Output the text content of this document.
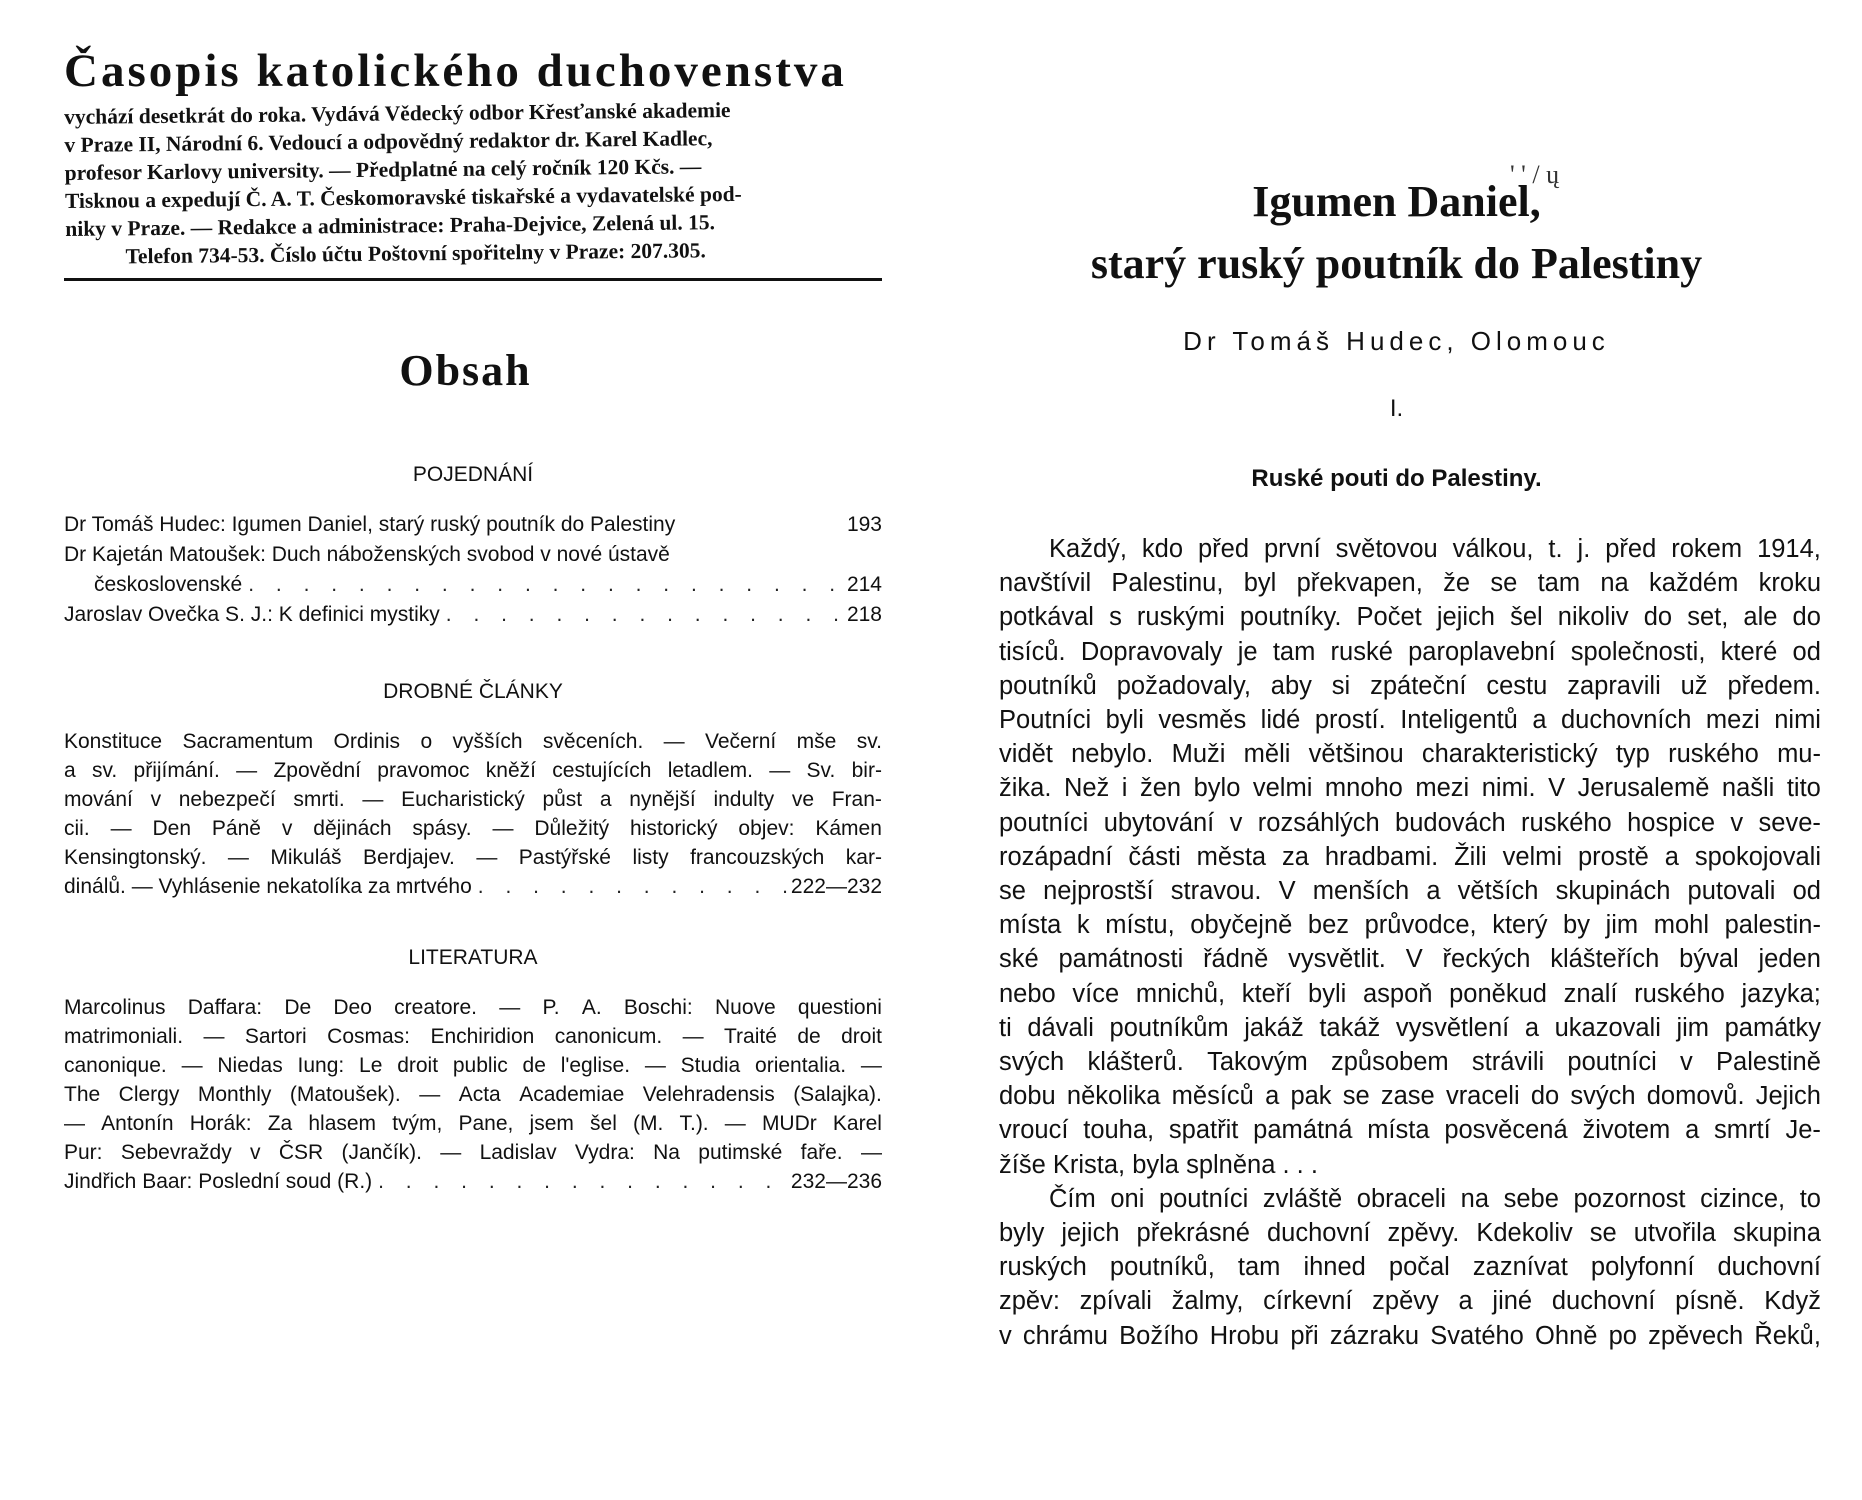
Časopis katolického duchovenstva
vychází desetkrát do roka. Vydává Vědecký odbor Křesťanské akademie
v Praze II, Národní 6. Vedoucí a odpovědný redaktor dr. Karel Kadlec,
profesor Karlovy university. — Předplatné na celý ročník 120 Kčs. —
Tisknou a expedují Č. A. T. Českomoravské tiskařské a vydavatelské pod-
niky v Praze. — Redakce a administrace: Praha-Dejvice, Zelená ul. 15.
Telefon 734-53. Číslo účtu Poštovní spořitelny v Praze: 207.305.
Obsah
POJEDNÁNÍ
Dr Tomáš Hudec: Igumen Daniel, starý ruský poutník do Palestiny	193
Dr Kajetán Matoušek: Duch náboženských svobod v nové ústavě
československé . . .	214
Jaroslav Ovečka S. J.: K definici mystiky . . .	218
DROBNÉ ČLÁNKY
Konstituce Sacramentum Ordinis o vyšších svěceních. — Večerní mše sv.
a sv. přijímání. — Zpovědní pravomoc kněží cestujících letadlem. — Sv. bir-
mování v nebezpečí smrti. — Eucharistický půst a nynější indulty ve Fran-
cii. — Den Páně v dějinách spásy. — Důležitý historický objev: Kámen
Kensingtonský. — Mikuláš Berdjajev. — Pastýřské listy francouzských kar-
dinálů. — Vyhlásenie nekatolíka za mrtvého . . .	222—232
LITERATURA
Marcolinus Daffara: De Deo creatore. — P. A. Boschi: Nuove questioni
matrimoniali. — Sartori Cosmas: Enchiridion canonicum. — Traité de droit
canonique. — Niedas Iung: Le droit public de l'eglise. — Studia orientalia. —
The Clergy Monthly (Matoušek). — Acta Academiae Velehradensis (Salajka).
— Antonín Horák: Za hlasem tvým, Pane, jsem šel (M. T.). — MUDr Karel
Pur: Sebevraždy v ČSR (Jančík). — Ladislav Vydra: Na putimské faře. —
Jindřich Baar: Poslední soud (R.) . . .	232—236
Igumen Daniel,
starý ruský poutník do Palestiny
Dr Tomáš Hudec, Olomouc
I.
Ruské pouti do Palestiny.
Každý, kdo před první světovou válkou, t. j. před rokem 1914,
navštívil Palestinu, byl překvapen, že se tam na každém kroku
potkával s ruskými poutníky. Počet jejich šel nikoliv do set, ale do
tisíců. Dopravovaly je tam ruské paroplavební společnosti, které od
poutníků požadovaly, aby si zpáteční cestu zapravili už předem.
Poutníci byli vesměs lidé prostí. Inteligentů a duchovních mezi nimi
vidět nebylo. Muži měli většinou charakteristický typ ruského mu-
žika. Než i žen bylo velmi mnoho mezi nimi. V Jerusalemě našli tito
poutníci ubytování v rozsáhlých budovách ruského hospice v seve-
rozápadní části města za hradbami. Žili velmi prostě a spokojovali
se nejprostší stravou. V menších a větších skupinách putovali od
místa k místu, obyčejně bez průvodce, který by jim mohl palestin-
ské památnosti řádně vysvětlit. V řeckých klášteřích býval jeden
nebo více mnichů, kteří byli aspoň poněkud znalí ruského jazyka;
ti dávali poutníkům jakáž takáž vysvětlení a ukazovali jim památky
svých klášterů. Takovým způsobem strávili poutníci v Palestině
dobu několika měsíců a pak se zase vraceli do svých domovů. Jejich
vroucí touha, spatřit památná místa posvěcená životem a smrtí Je-
žíše Krista, byla splněna . . .
Čím oni poutníci zvláště obraceli na sebe pozornost cizince, to
byly jejich překrásné duchovní zpěvy. Kdekoliv se utvořila skupina
ruských poutníků, tam ihned počal zaznívat polyfonní duchovní
zpěv: zpívali žalmy, církevní zpěvy a jiné duchovní písně. Když
v chrámu Božího Hrobu při zázraku Svatého Ohně po zpěvech Řeků,
' ' / ų
